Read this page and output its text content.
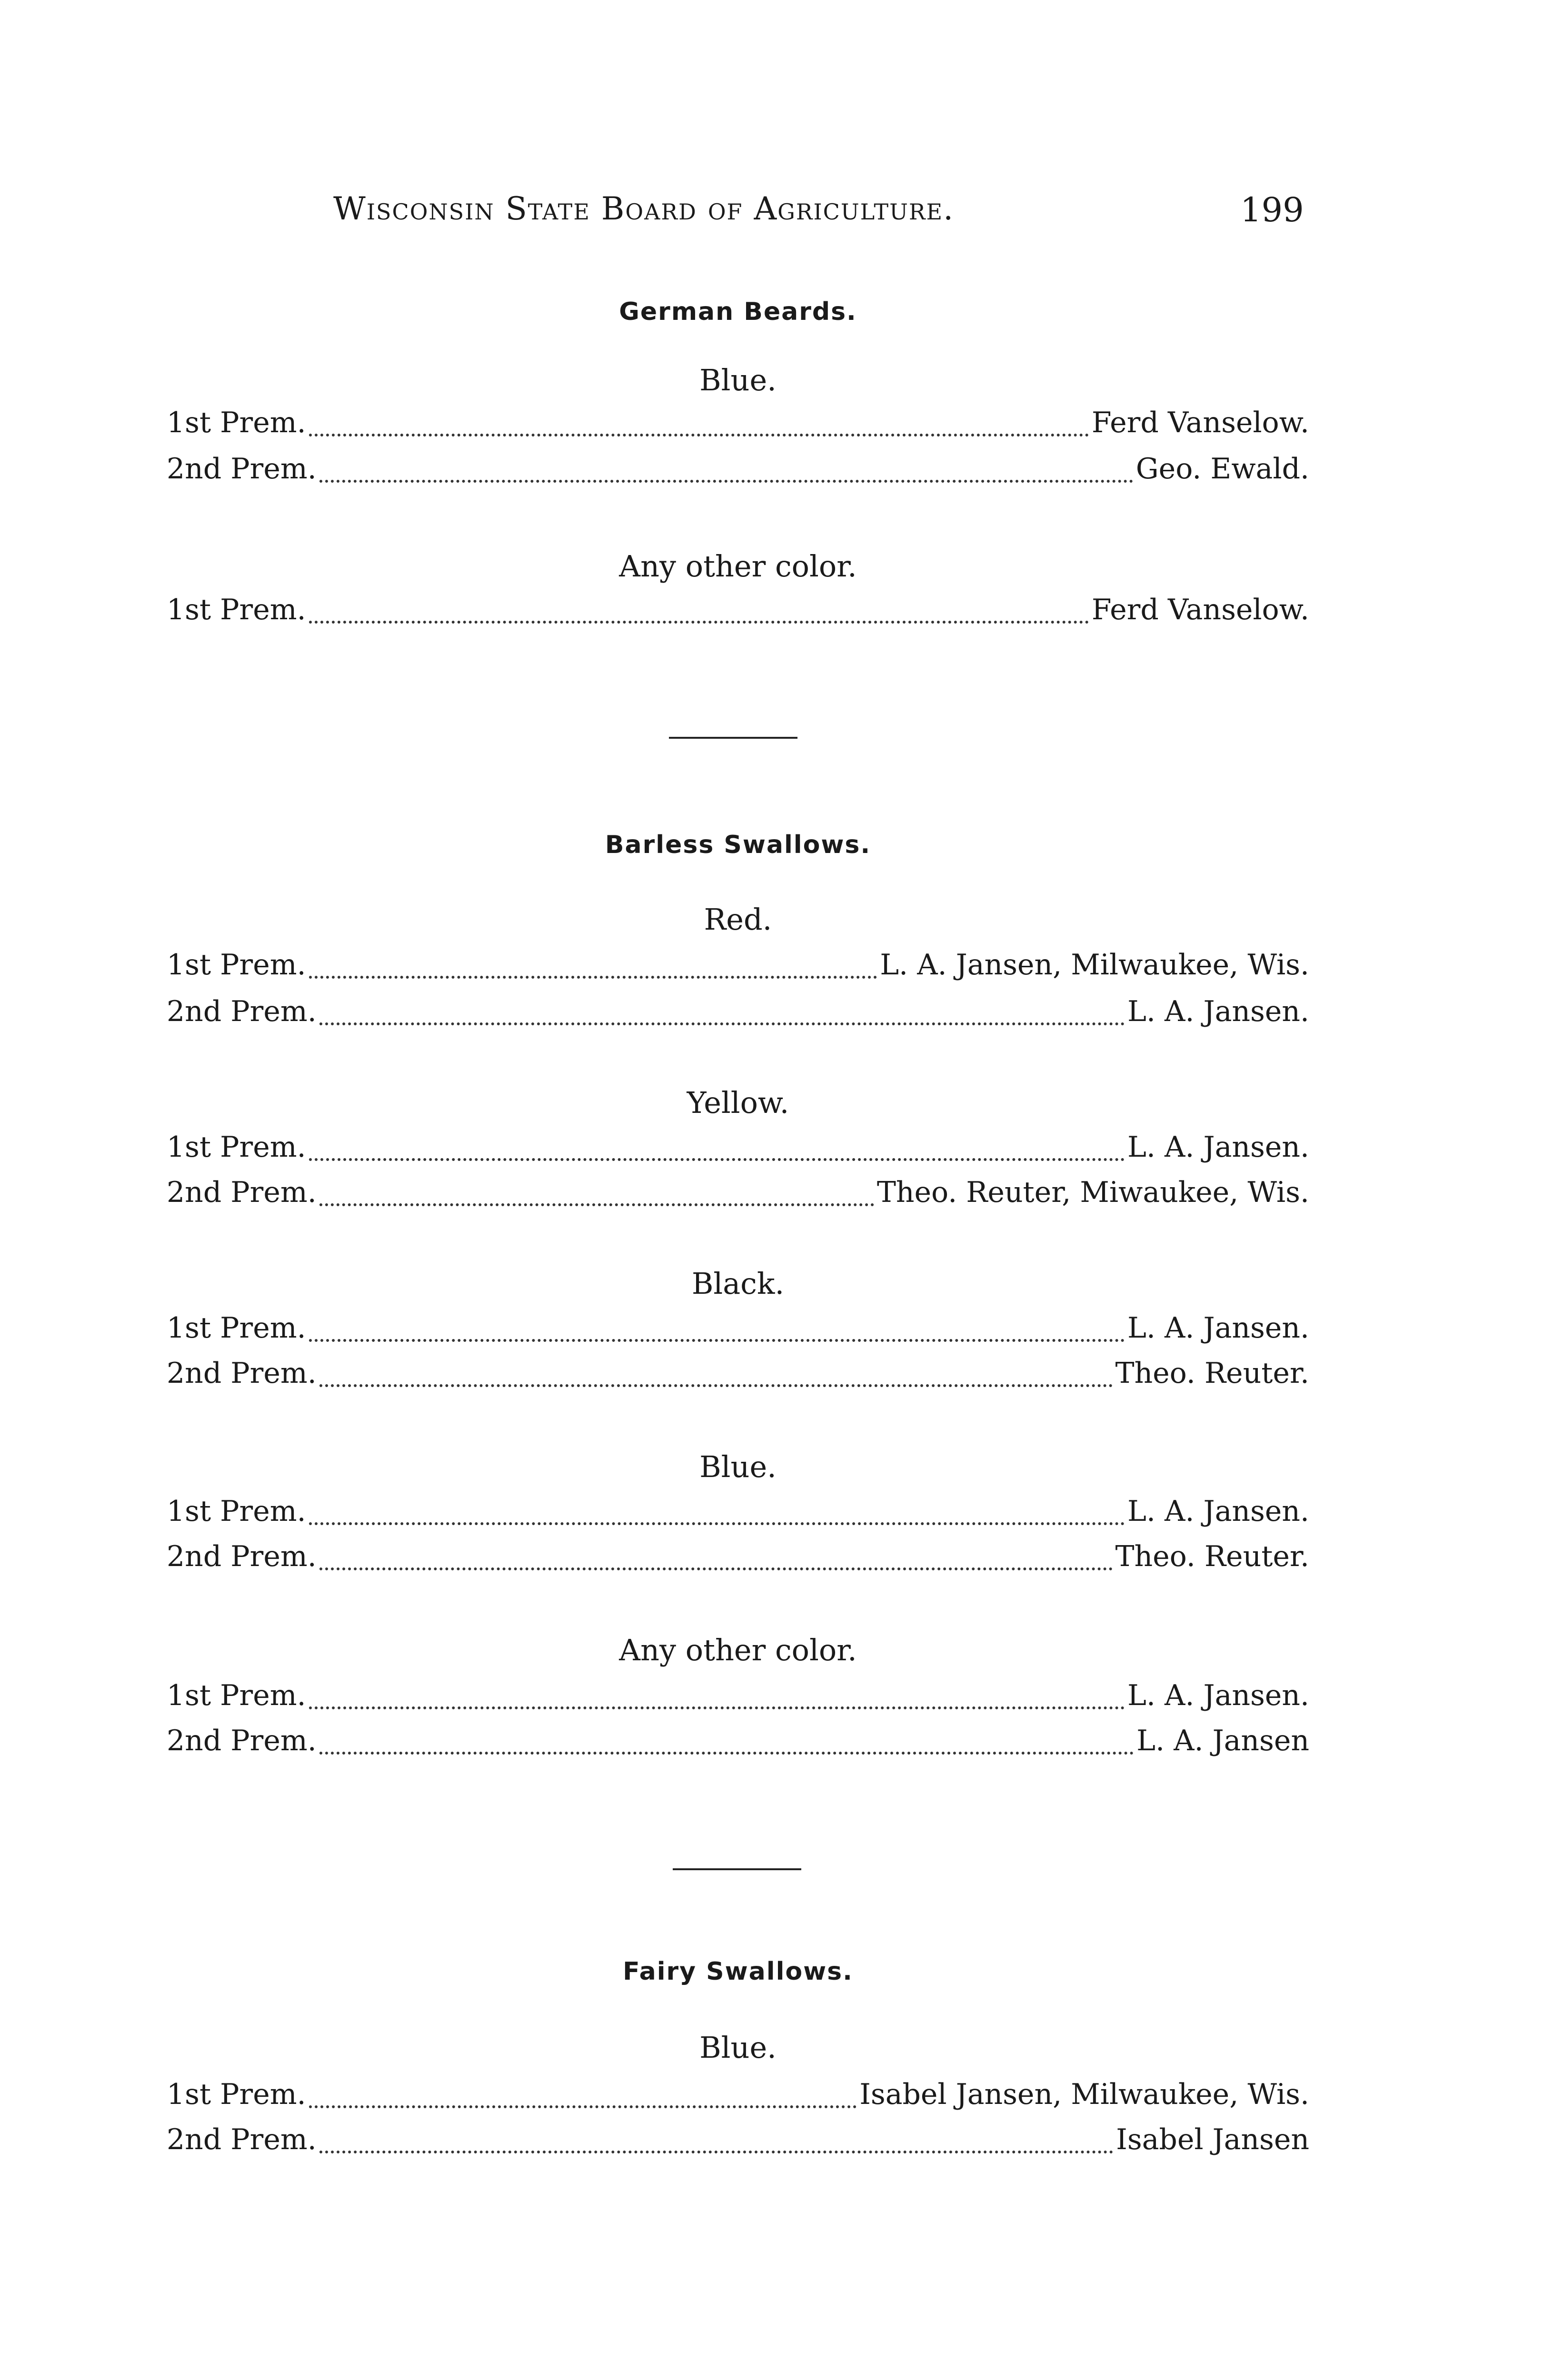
Wisconsin State Board of Agriculture.	199
German Beards.
Blue.
1st Prem.	Ferd Vanselow.
2nd Prem.	Geo. Ewald.
Any other color.
1st Prem.	Ferd Vanselow.
Barless Swallows.
Red.
1st Prem.	L. A. Jansen, Milwaukee, Wis.
2nd Prem.	L. A. Jansen.
Yellow.
1st Prem.	L. A. Jansen.
2nd Prem.	Theo. Reuter, Miwaukee, Wis.
Black.
1st Prem.	L. A. Jansen.
2nd Prem.	Theo. Reuter.
Blue.
1st Prem.	L. A. Jansen.
2nd Prem.	Theo. Reuter.
Any other color.
1st Prem.	L. A. Jansen.
2nd Prem.	L. A. Jansen
Fairy Swallows.
Blue.
1st Prem.	Isabel Jansen, Milwaukee, Wis.
2nd Prem.	Isabel Jansen
